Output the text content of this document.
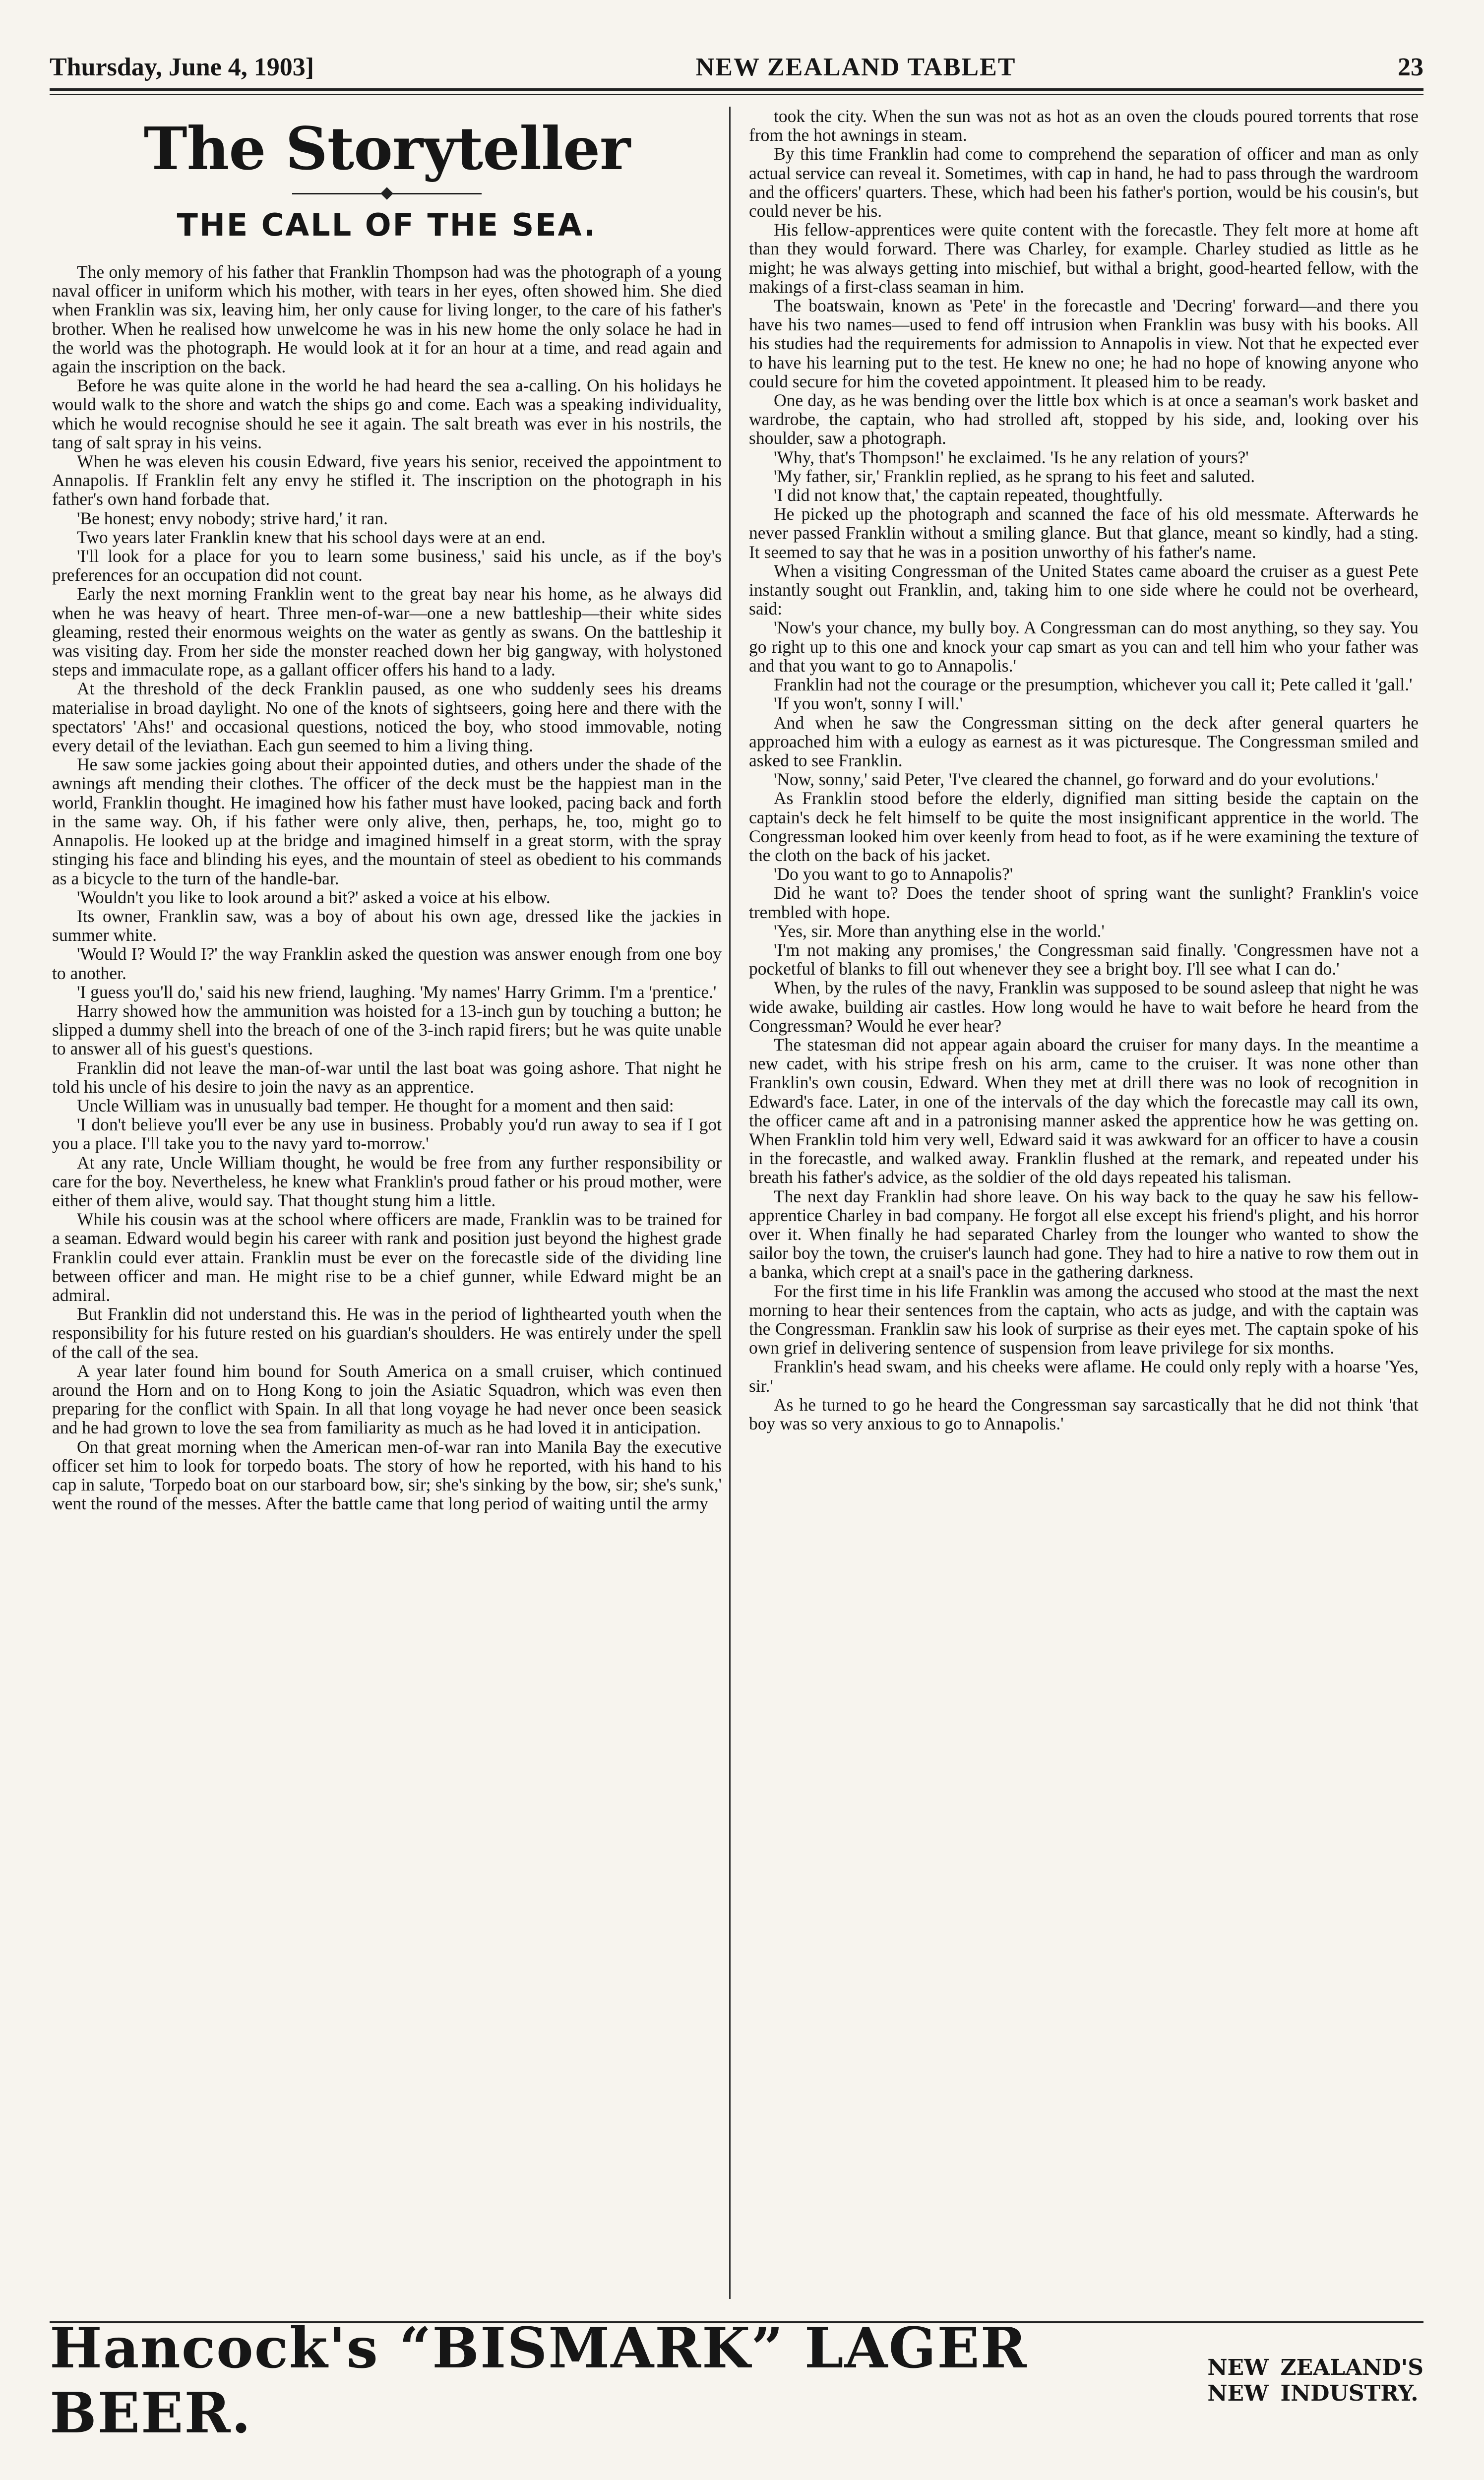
Thursday, June 4, 1903]	NEW ZEALAND TABLET	23
The Storyteller
THE CALL OF THE SEA.

The only memory of his father that Franklin Thompson had was the photograph of a young naval officer in uniform which his mother, with tears in her eyes, often showed him. She died when Franklin was six, leaving him, her only cause for living longer, to the care of his father's brother. When he realised how unwelcome he was in his new home the only solace he had in the world was the photograph. He would look at it for an hour at a time, and read again and again the inscription on the back.

Before he was quite alone in the world he had heard the sea a-calling. On his holidays he would walk to the shore and watch the ships go and come. Each was a speaking individuality, which he would recognise should he see it again. The salt breath was ever in his nostrils, the tang of salt spray in his veins.

When he was eleven his cousin Edward, five years his senior, received the appointment to Annapolis. If Franklin felt any envy he stifled it. The inscription on the photograph in his father's own hand forbade that.

'Be honest; envy nobody; strive hard,' it ran.

Two years later Franklin knew that his school days were at an end.

'I'll look for a place for you to learn some business,' said his uncle, as if the boy's preferences for an occupation did not count.

Early the next morning Franklin went to the great bay near his home, as he always did when he was heavy of heart. Three men-of-war—one a new battleship—their white sides gleaming, rested their enormous weights on the water as gently as swans. On the battleship it was visiting day. From her side the monster reached down her big gangway, with holystoned steps and immaculate rope, as a gallant officer offers his hand to a lady.

At the threshold of the deck Franklin paused, as one who suddenly sees his dreams materialise in broad daylight. No one of the knots of sightseers, going here and there with the spectators' 'Ahs!' and occasional questions, noticed the boy, who stood immovable, noting every detail of the leviathan. Each gun seemed to him a living thing.

He saw some jackies going about their appointed duties, and others under the shade of the awnings aft mending their clothes. The officer of the deck must be the happiest man in the world, Franklin thought. He imagined how his father must have looked, pacing back and forth in the same way. Oh, if his father were only alive, then, perhaps, he, too, might go to Annapolis. He looked up at the bridge and imagined himself in a great storm, with the spray stinging his face and blinding his eyes, and the mountain of steel as obedient to his commands as a bicycle to the turn of the handle-bar.

'Wouldn't you like to look around a bit?' asked a voice at his elbow.

Its owner, Franklin saw, was a boy of about his own age, dressed like the jackies in summer white.

'Would I? Would I?' the way Franklin asked the question was answer enough from one boy to another.

'I guess you'll do,' said his new friend, laughing. 'My names' Harry Grimm. I'm a 'prentice.'

Harry showed how the ammunition was hoisted for a 13-inch gun by touching a button; he slipped a dummy shell into the breach of one of the 3-inch rapid firers; but he was quite unable to answer all of his guest's questions.

Franklin did not leave the man-of-war until the last boat was going ashore. That night he told his uncle of his desire to join the navy as an apprentice.

Uncle William was in unusually bad temper. He thought for a moment and then said:

'I don't believe you'll ever be any use in business. Probably you'd run away to sea if I got you a place. I'll take you to the navy yard to-morrow.'

At any rate, Uncle William thought, he would be free from any further responsibility or care for the boy. Nevertheless, he knew what Franklin's proud father or his proud mother, were either of them alive, would say. That thought stung him a little.

While his cousin was at the school where officers are made, Franklin was to be trained for a seaman. Edward would begin his career with rank and position just beyond the highest grade Franklin could ever attain. Franklin must be ever on the forecastle side of the dividing line between officer and man. He might rise to be a chief gunner, while Edward might be an admiral.

But Franklin did not understand this. He was in the period of lighthearted youth when the responsibility for his future rested on his guardian's shoulders. He was entirely under the spell of the call of the sea.

A year later found him bound for South America on a small cruiser, which continued around the Horn and on to Hong Kong to join the Asiatic Squadron, which was even then preparing for the conflict with Spain. In all that long voyage he had never once been seasick and he had grown to love the sea from familiarity as much as he had loved it in anticipation.

On that great morning when the American men-of-war ran into Manila Bay the executive officer set him to look for torpedo boats. The story of how he reported, with his hand to his cap in salute, 'Torpedo boat on our starboard bow, sir; she's sinking by the bow, sir; she's sunk,' went the round of the messes. After the battle came that long period of waiting until the army

took the city. When the sun was not as hot as an oven the clouds poured torrents that rose from the hot awnings in steam.

By this time Franklin had come to comprehend the separation of officer and man as only actual service can reveal it. Sometimes, with cap in hand, he had to pass through the wardroom and the officers' quarters. These, which had been his father's portion, would be his cousin's, but could never be his.

His fellow-apprentices were quite content with the forecastle. They felt more at home aft than they would forward. There was Charley, for example. Charley studied as little as he might; he was always getting into mischief, but withal a bright, good-hearted fellow, with the makings of a first-class seaman in him.

The boatswain, known as 'Pete' in the forecastle and 'Decring' forward—and there you have his two names—used to fend off intrusion when Franklin was busy with his books. All his studies had the requirements for admission to Annapolis in view. Not that he expected ever to have his learning put to the test. He knew no one; he had no hope of knowing anyone who could secure for him the coveted appointment. It pleased him to be ready.

One day, as he was bending over the little box which is at once a seaman's work basket and wardrobe, the captain, who had strolled aft, stopped by his side, and, looking over his shoulder, saw a photograph.

'Why, that's Thompson!' he exclaimed. 'Is he any relation of yours?'

'My father, sir,' Franklin replied, as he sprang to his feet and saluted.

'I did not know that,' the captain repeated, thoughtfully.

He picked up the photograph and scanned the face of his old messmate. Afterwards he never passed Franklin without a smiling glance. But that glance, meant so kindly, had a sting. It seemed to say that he was in a position unworthy of his father's name.

When a visiting Congressman of the United States came aboard the cruiser as a guest Pete instantly sought out Franklin, and, taking him to one side where he could not be overheard, said:

'Now's your chance, my bully boy. A Congressman can do most anything, so they say. You go right up to this one and knock your cap smart as you can and tell him who your father was and that you want to go to Annapolis.'

Franklin had not the courage or the presumption, whichever you call it; Pete called it 'gall.'

'If you won't, sonny I will.'

And when he saw the Congressman sitting on the deck after general quarters he approached him with a eulogy as earnest as it was picturesque. The Congressman smiled and asked to see Franklin.

'Now, sonny,' said Peter, 'I've cleared the channel, go forward and do your evolutions.'

As Franklin stood before the elderly, dignified man sitting beside the captain on the captain's deck he felt himself to be quite the most insignificant apprentice in the world. The Congressman looked him over keenly from head to foot, as if he were examining the texture of the cloth on the back of his jacket.

'Do you want to go to Annapolis?'

Did he want to? Does the tender shoot of spring want the sunlight? Franklin's voice trembled with hope.

'Yes, sir. More than anything else in the world.'

'I'm not making any promises,' the Congressman said finally. 'Congressmen have not a pocketful of blanks to fill out whenever they see a bright boy. I'll see what I can do.'

When, by the rules of the navy, Franklin was supposed to be sound asleep that night he was wide awake, building air castles. How long would he have to wait before he heard from the Congressman? Would he ever hear?

The statesman did not appear again aboard the cruiser for many days. In the meantime a new cadet, with his stripe fresh on his arm, came to the cruiser. It was none other than Franklin's own cousin, Edward. When they met at drill there was no look of recognition in Edward's face. Later, in one of the intervals of the day which the forecastle may call its own, the officer came aft and in a patronising manner asked the apprentice how he was getting on. When Franklin told him very well, Edward said it was awkward for an officer to have a cousin in the forecastle, and walked away. Franklin flushed at the remark, and repeated under his breath his father's advice, as the soldier of the old days repeated his talisman.

The next day Franklin had shore leave. On his way back to the quay he saw his fellow-apprentice Charley in bad company. He forgot all else except his friend's plight, and his horror over it. When finally he had separated Charley from the lounger who wanted to show the sailor boy the town, the cruiser's launch had gone. They had to hire a native to row them out in a banka, which crept at a snail's pace in the gathering darkness.

For the first time in his life Franklin was among the accused who stood at the mast the next morning to hear their sentences from the captain, who acts as judge, and with the captain was the Congressman. Franklin saw his look of surprise as their eyes met. The captain spoke of his own grief in delivering sentence of suspension from leave privilege for six months.

Franklin's head swam, and his cheeks were aflame. He could only reply with a hoarse 'Yes, sir.'

As he turned to go he heard the Congressman say sarcastically that he did not think 'that boy was so very anxious to go to Annapolis.'

Hancock's “BISMARK” LAGER BEER.
NEW ZEALAND'S
NEW INDUSTRY.
